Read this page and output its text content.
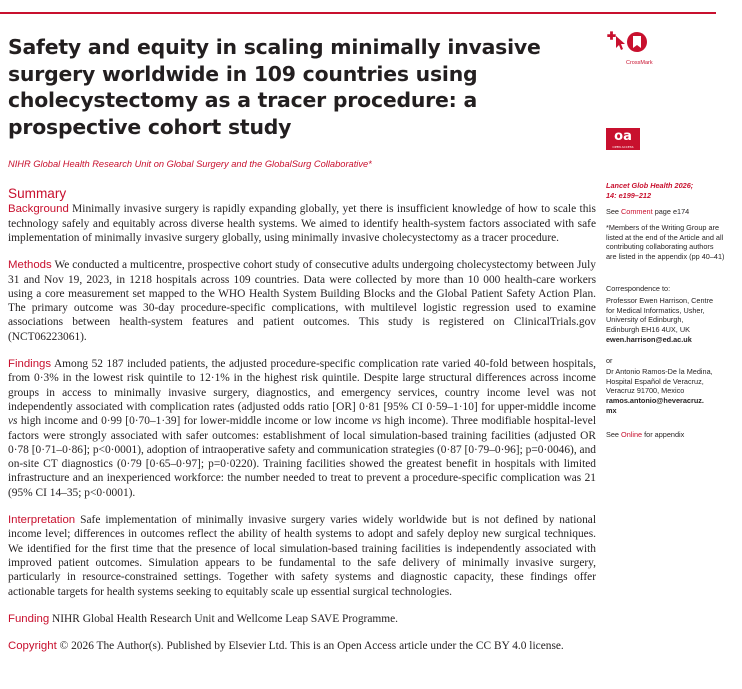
Safety and equity in scaling minimally invasive surgery worldwide in 109 countries using cholecystectomy as a tracer procedure: a prospective cohort study
NIHR Global Health Research Unit on Global Surgery and the GlobalSurg Collaborative*
Summary

Background Minimally invasive surgery is rapidly expanding globally, yet there is insufficient knowledge of how to scale this technology safely and equitably across diverse health systems. We aimed to identify health-system factors associated with safe implementation of minimally invasive surgery globally, using minimally invasive cholecystectomy as a tracer procedure.

Methods We conducted a multicentre, prospective cohort study of consecutive adults undergoing cholecystectomy between July 31 and Nov 19, 2023, in 1218 hospitals across 109 countries. Data were collected by more than 10 000 health-care workers using a core measurement set mapped to the WHO Health System Building Blocks and the Global Patient Safety Action Plan. The primary outcome was 30-day procedure-specific complications, with multilevel logistic regression used to examine associations between health-system features and patient outcomes. This study is registered on ClinicalTrials.gov (NCT06223061).

Findings Among 52 187 included patients, the adjusted procedure-specific complication rate varied 40-fold between hospitals, from 0·3% in the lowest risk quintile to 12·1% in the highest risk quintile. Despite large structural differences across income groups in access to minimally invasive surgery, diagnostics, and emergency services, country income level was not independently associated with complication rates (adjusted odds ratio [OR] 0·81 [95% CI 0·59–1·10] for upper-middle income vs high income and 0·99 [0·70–1·39] for lower-middle income or low income vs high income). Three modifiable hospital-level factors were strongly associated with safer outcomes: establishment of local simulation-based training facilities (adjusted OR 0·78 [0·71–0·86]; p<0·0001), adoption of intraoperative safety and communication strategies (0·87 [0·79–0·96]; p=0·0046), and on-site CT diagnostics (0·79 [0·65–0·97]; p=0·0220). Training facilities showed the greatest benefit in hospitals with limited infrastructure and an inexperienced workforce: the number needed to treat to prevent a procedure-specific complication was 21 (95% CI 14–35; p<0·0001).

Interpretation Safe implementation of minimally invasive surgery varies widely worldwide but is not defined by national income level; differences in outcomes reflect the ability of health systems to adopt and safely deploy new surgical techniques. We identified for the first time that the presence of local simulation-based training facilities is independently associated with improved patient outcomes. Simulation appears to be fundamental to the safe delivery of minimally invasive surgery, particularly in resource-constrained settings. Together with safety systems and diagnostic capacity, these findings offer actionable targets for health systems seeking to equitably scale up essential surgical technologies.

Funding NIHR Global Health Research Unit and Wellcome Leap SAVE Programme.

Copyright © 2026 The Author(s). Published by Elsevier Ltd. This is an Open Access article under the CC BY 4.0 license.

CrossMark
oa
OPEN ACCESS
Lancet Glob Health 2026;
14: e199–212
See Comment page e174
*Members of the Writing Group are listed at the end of the Article and all contributing collaborating authors are listed in the appendix (pp 40–41)
Correspondence to:
Professor Ewen Harrison, Centre
for Medical Informatics, Usher,
University of Edinburgh,
Edinburgh EH16 4UX, UK
ewen.harrison@ed.ac.uk
or
Dr Antonio Ramos-De la Medina,
Hospital Español de Veracruz,
Veracruz 91700, Mexico
ramos.antonio@heveracruz.mx
See Online for appendix
